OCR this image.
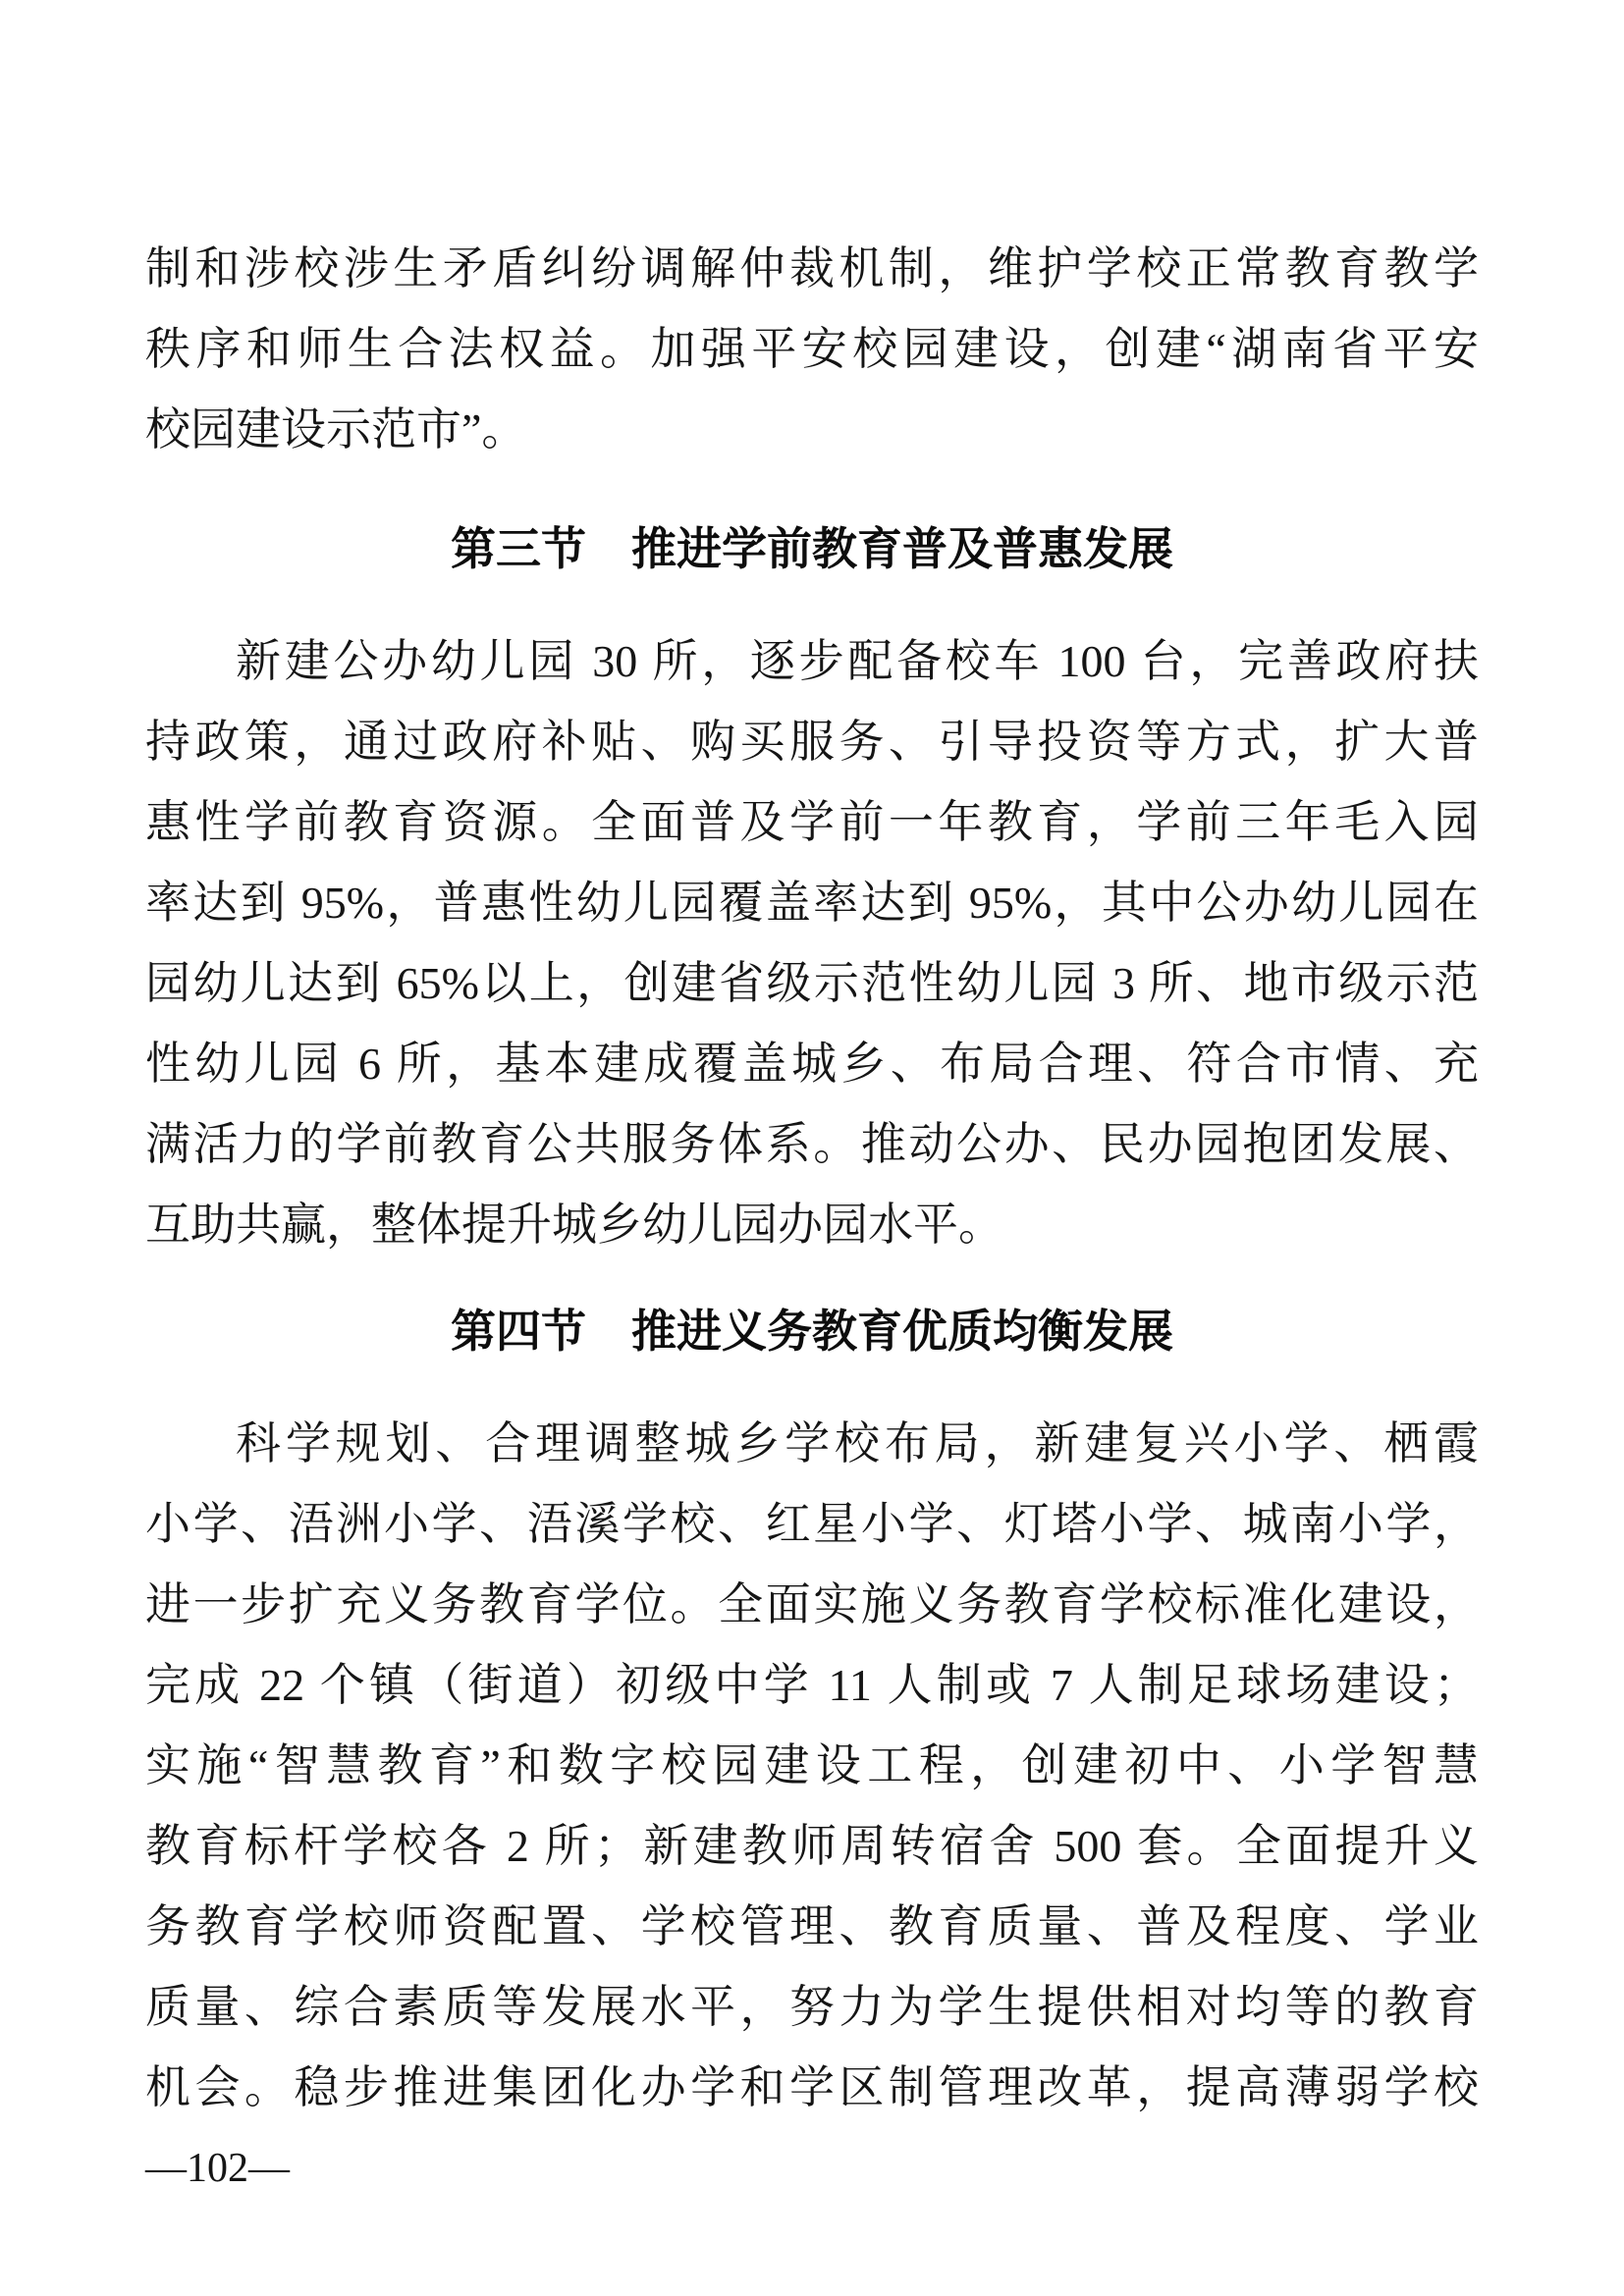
制和涉校涉生矛盾纠纷调解仲裁机制，维护学校正常教育教学
秩序和师生合法权益。加强平安校园建设，创建“湖南省平安
校园建设示范市”。
第三节　推进学前教育普及普惠发展
新建公办幼儿园 30 所，逐步配备校车 100 台，完善政府扶
持政策，通过政府补贴、购买服务、引导投资等方式，扩大普
惠性学前教育资源。全面普及学前一年教育，学前三年毛入园
率达到 95%，普惠性幼儿园覆盖率达到 95%，其中公办幼儿园在
园幼儿达到 65%以上，创建省级示范性幼儿园 3 所、地市级示范
性幼儿园 6 所，基本建成覆盖城乡、布局合理、符合市情、充
满活力的学前教育公共服务体系。推动公办、民办园抱团发展、
互助共赢，整体提升城乡幼儿园办园水平。
第四节　推进义务教育优质均衡发展
科学规划、合理调整城乡学校布局，新建复兴小学、栖霞
小学、浯洲小学、浯溪学校、红星小学、灯塔小学、城南小学，
进一步扩充义务教育学位。全面实施义务教育学校标准化建设，
完成 22 个镇（街道）初级中学 11 人制或 7 人制足球场建设；
实施“智慧教育”和数字校园建设工程，创建初中、小学智慧
教育标杆学校各 2 所；新建教师周转宿舍 500 套。全面提升义
务教育学校师资配置、学校管理、教育质量、普及程度、学业
质量、综合素质等发展水平，努力为学生提供相对均等的教育
机会。稳步推进集团化办学和学区制管理改革，提高薄弱学校
—102—
